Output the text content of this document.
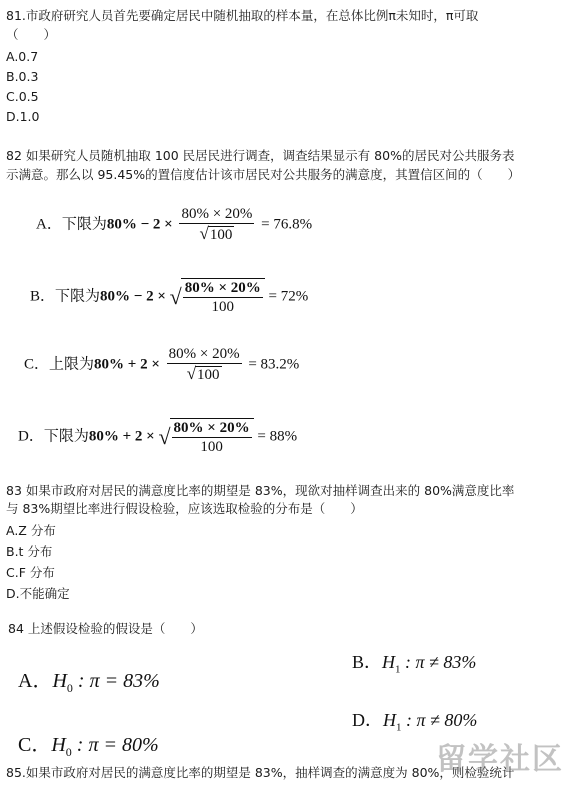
81.市政府研究人员首先要确定居民中随机抽取的样本量，在总体比例π未知时，π可取
（　　）
A.0.7
B.0.3
C.0.5
D.1.0
82 如果研究人员随机抽取 100 民居民进行调查，调查结果显示有 80%的居民对公共服务表
示满意。那么以 95.45%的置信度估计该市居民对公共服务的满意度，其置信区间的（　　）
A．下限为$80\% - 2 \times \frac{80\% \times 20\%}{√100} = 76.8\%$
B．下限为80% − 2 × √ $\frac{80\% \times 20\%}{100} = 72\%$
C．上限为$80\% + 2 \times \frac{80\% \times 20\%}{√100} = 83.2\%$
D．下限为80% + 2 × √ $\frac{80\% \times 20\%}{100} = 88\%$
83 如果市政府对居民的满意度比率的期望是 83%，现欲对抽样调查出来的 80%满意度比率
与 83%期望比率进行假设检验，应该选取检验的分布是（　　）
A.Z 分布
B.t 分布
C.F 分布
D.不能确定
84 上述假设检验的假设是（　　）
A．$H_0$ : π = 83%
B．$H_1$ : π ≠ 83%
C．$H_0$ : π = 80%
D．$H_1$ : π ≠ 80%
85.如果市政府对居民的满意度比率的期望是 83%，抽样调查的满意度为 80%，则检验统计
留学社区
